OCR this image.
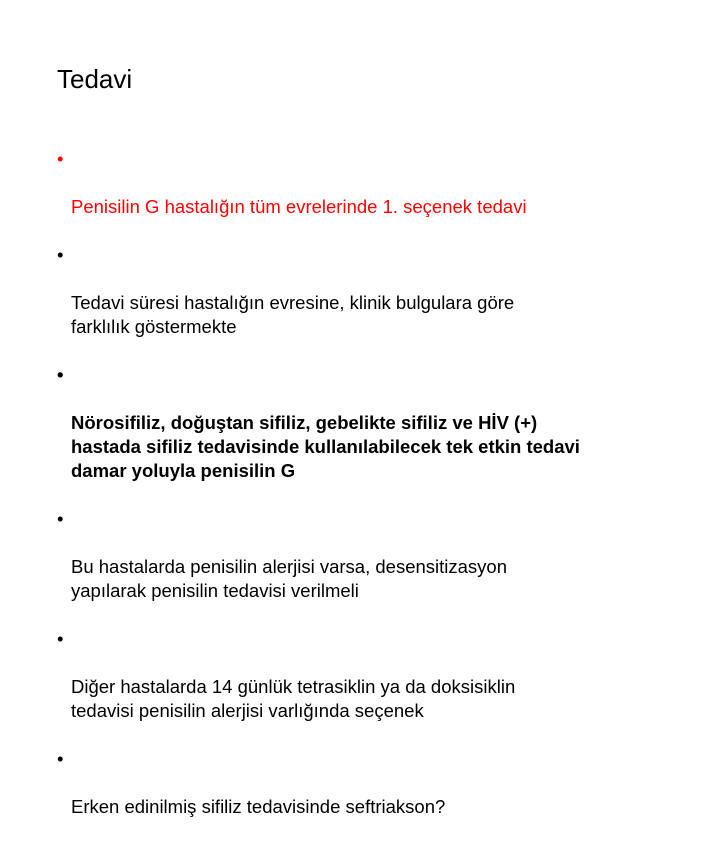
Tedavi

•

Penisilin G hastalığın tüm evrelerinde 1. seçenek tedavi

•

Tedavi süresi hastalığın evresine, klinik bulgulara göre
farklılık göstermekte

•

Nörosifiliz, doğuştan sifiliz, gebelikte sifiliz ve HİV (+)
hastada sifiliz tedavisinde kullanılabilecek tek etkin tedavi
damar yoluyla penisilin G

•

Bu hastalarda penisilin alerjisi varsa, desensitizasyon
yapılarak penisilin tedavisi verilmeli

•

Diğer hastalarda 14 günlük tetrasiklin ya da doksisiklin
tedavisi penisilin alerjisi varlığında seçenek

•

Erken edinilmiş sifiliz tedavisinde seftriakson?
